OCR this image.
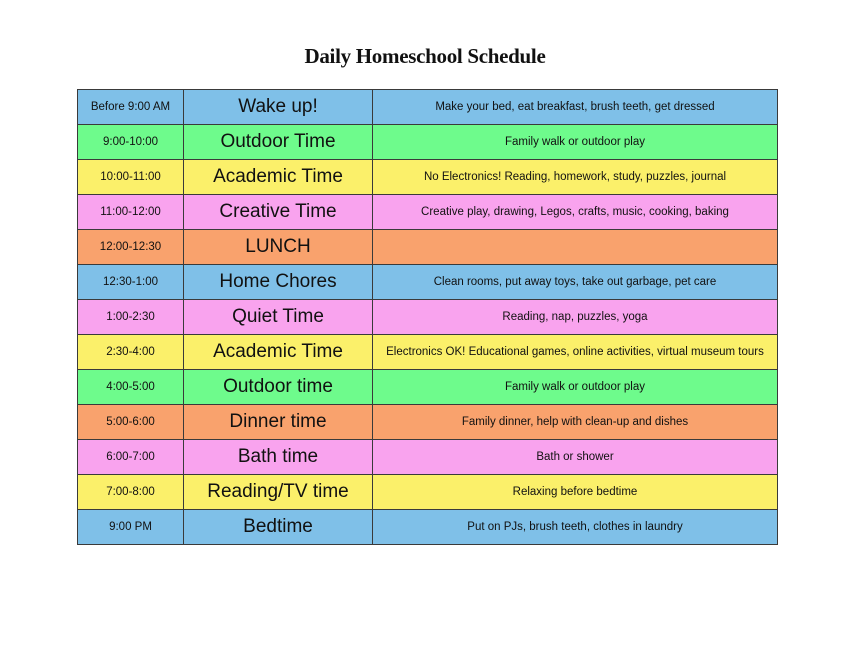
Daily Homeschool Schedule
Before 9:00 AM	Wake up!	Make your bed, eat breakfast, brush teeth, get dressed
9:00-10:00	Outdoor Time	Family walk or outdoor play
10:00-11:00	Academic Time	No Electronics! Reading, homework, study, puzzles, journal
11:00-12:00	Creative Time	Creative play, drawing, Legos, crafts, music, cooking, baking
12:00-12:30	LUNCH	
12:30-1:00	Home Chores	Clean rooms, put away toys, take out garbage, pet care
1:00-2:30	Quiet Time	Reading, nap, puzzles, yoga
2:30-4:00	Academic Time	Electronics OK! Educational games, online activities, virtual museum tours
4:00-5:00	Outdoor time	Family walk or outdoor play
5:00-6:00	Dinner time	Family dinner, help with clean-up and dishes
6:00-7:00	Bath time	Bath or shower
7:00-8:00	Reading/TV time	Relaxing before bedtime
9:00 PM	Bedtime	Put on PJs, brush teeth, clothes in laundry
